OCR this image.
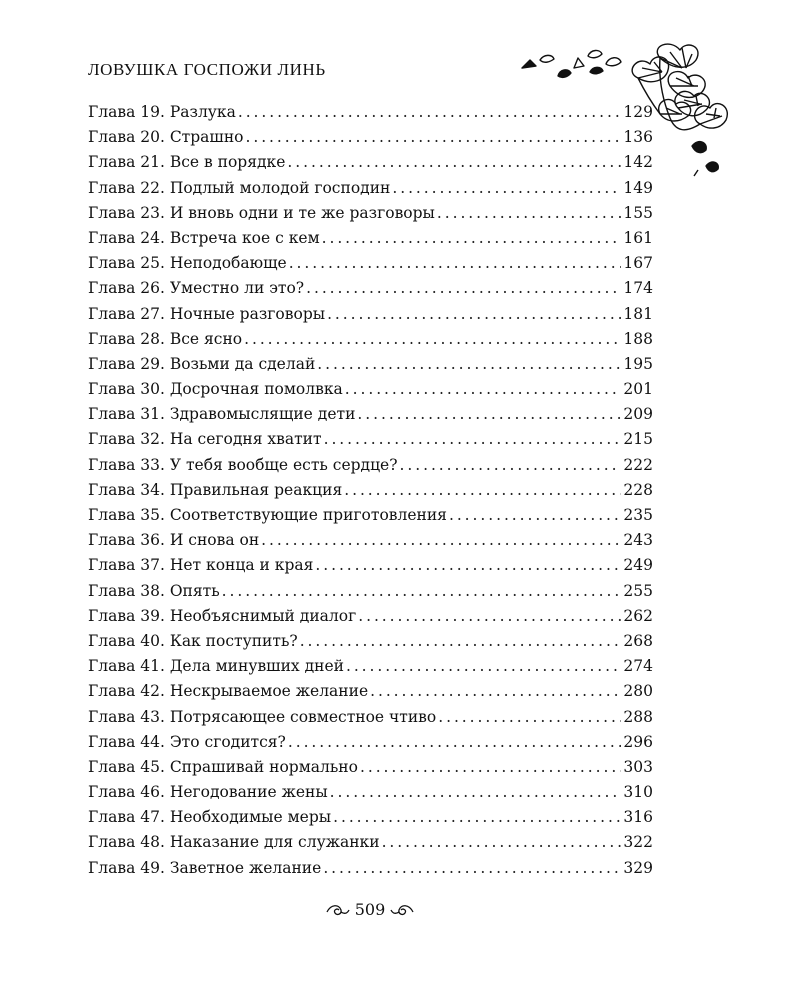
ЛОВУШКА ГОСПОЖИ ЛИНЬ
Глава 19. Разлука . . .	129
Глава 20. Страшно . . .	136
Глава 21. Все в порядке . . .	142
Глава 22. Подлый молодой господин . . .	149
Глава 23. И вновь одни и те же разговоры . . .	155
Глава 24. Встреча кое с кем . . .	161
Глава 25. Неподобающе . . .	167
Глава 26. Уместно ли это? . . .	174
Глава 27. Ночные разговоры . . .	181
Глава 28. Все ясно . . .	188
Глава 29. Возьми да сделай . . .	195
Глава 30. Досрочная помолвка . . .	201
Глава 31. Здравомыслящие дети . . .	209
Глава 32. На сегодня хватит . . .	215
Глава 33. У тебя вообще есть сердце? . . .	222
Глава 34. Правильная реакция . . .	228
Глава 35. Соответствующие приготовления . . .	235
Глава 36. И снова он . . .	243
Глава 37. Нет конца и края . . .	249
Глава 38. Опять . . .	255
Глава 39. Необъяснимый диалог . . .	262
Глава 40. Как поступить? . . .	268
Глава 41. Дела минувших дней . . .	274
Глава 42. Нескрываемое желание . . .	280
Глава 43. Потрясающее совместное чтиво . . .	288
Глава 44. Это сгодится? . . .	296
Глава 45. Спрашивай нормально . . .	303
Глава 46. Негодование жены . . .	310
Глава 47. Необходимые меры . . .	316
Глава 48. Наказание для служанки . . .	322
Глава 49. Заветное желание . . .	329
509
